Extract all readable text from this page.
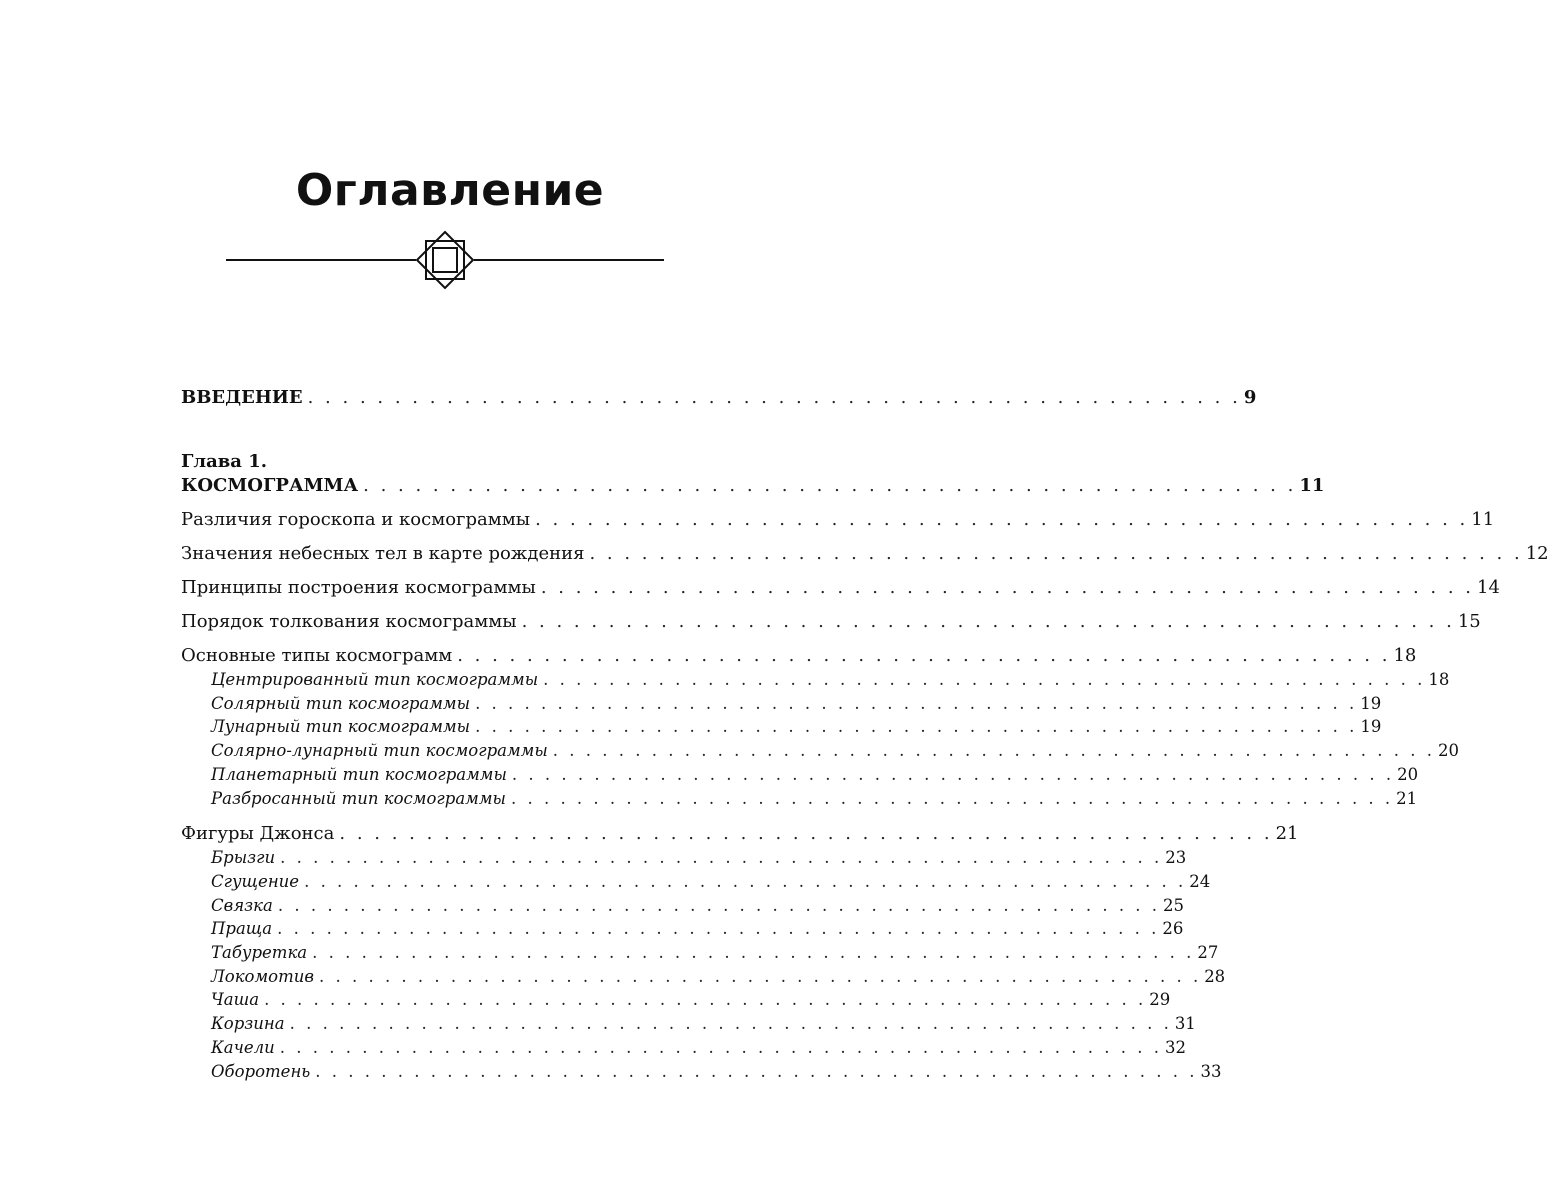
Оглавление
ВВЕДЕНИЕ . . . . . . . . . . . . . . . . . . . . . . . . . . . . . . . . . . . . . . . . . . . . . . . . . . . . . . 9
Глава 1.
КОСМОГРАММА . . . . . . . . . . . . . . . . . . . . . . . . . . . . . . . . . . . . . . . . . . . . . . . . . . . . . . 11
Различия гороскопа и космограммы . . . . . . . . . . . . . . . . . . . . . . . . . . . . . . . . . . . . . . . . . . . . . . . . . . . . . . 11
Значения небесных тел в карте рождения . . . . . . . . . . . . . . . . . . . . . . . . . . . . . . . . . . . . . . . . . . . . . . . . . . . . . . 12
Принципы построения космограммы . . . . . . . . . . . . . . . . . . . . . . . . . . . . . . . . . . . . . . . . . . . . . . . . . . . . . . 14
Порядок толкования космограммы . . . . . . . . . . . . . . . . . . . . . . . . . . . . . . . . . . . . . . . . . . . . . . . . . . . . . . 15
Основные типы космограмм . . . . . . . . . . . . . . . . . . . . . . . . . . . . . . . . . . . . . . . . . . . . . . . . . . . . . . 18
Центрированный тип космограммы . . . . . . . . . . . . . . . . . . . . . . . . . . . . . . . . . . . . . . . . . . . . . . . . . . . . . . 18
Солярный тип космограммы . . . . . . . . . . . . . . . . . . . . . . . . . . . . . . . . . . . . . . . . . . . . . . . . . . . . . . 19
Лунарный тип космограммы . . . . . . . . . . . . . . . . . . . . . . . . . . . . . . . . . . . . . . . . . . . . . . . . . . . . . . 19
Солярно-лунарный тип космограммы . . . . . . . . . . . . . . . . . . . . . . . . . . . . . . . . . . . . . . . . . . . . . . . . . . . . . . 20
Планетарный тип космограммы . . . . . . . . . . . . . . . . . . . . . . . . . . . . . . . . . . . . . . . . . . . . . . . . . . . . . . 20
Разбросанный тип космограммы . . . . . . . . . . . . . . . . . . . . . . . . . . . . . . . . . . . . . . . . . . . . . . . . . . . . . . 21
Фигуры Джонса . . . . . . . . . . . . . . . . . . . . . . . . . . . . . . . . . . . . . . . . . . . . . . . . . . . . . . 21
Брызги . . . . . . . . . . . . . . . . . . . . . . . . . . . . . . . . . . . . . . . . . . . . . . . . . . . . . . 23
Сгущение . . . . . . . . . . . . . . . . . . . . . . . . . . . . . . . . . . . . . . . . . . . . . . . . . . . . . . 24
Связка . . . . . . . . . . . . . . . . . . . . . . . . . . . . . . . . . . . . . . . . . . . . . . . . . . . . . . 25
Праща . . . . . . . . . . . . . . . . . . . . . . . . . . . . . . . . . . . . . . . . . . . . . . . . . . . . . . 26
Табуретка . . . . . . . . . . . . . . . . . . . . . . . . . . . . . . . . . . . . . . . . . . . . . . . . . . . . . . 27
Локомотив . . . . . . . . . . . . . . . . . . . . . . . . . . . . . . . . . . . . . . . . . . . . . . . . . . . . . . 28
Чаша . . . . . . . . . . . . . . . . . . . . . . . . . . . . . . . . . . . . . . . . . . . . . . . . . . . . . . 29
Корзина . . . . . . . . . . . . . . . . . . . . . . . . . . . . . . . . . . . . . . . . . . . . . . . . . . . . . . 31
Качели . . . . . . . . . . . . . . . . . . . . . . . . . . . . . . . . . . . . . . . . . . . . . . . . . . . . . . 32
Оборотень . . . . . . . . . . . . . . . . . . . . . . . . . . . . . . . . . . . . . . . . . . . . . . . . . . . . . . 33
